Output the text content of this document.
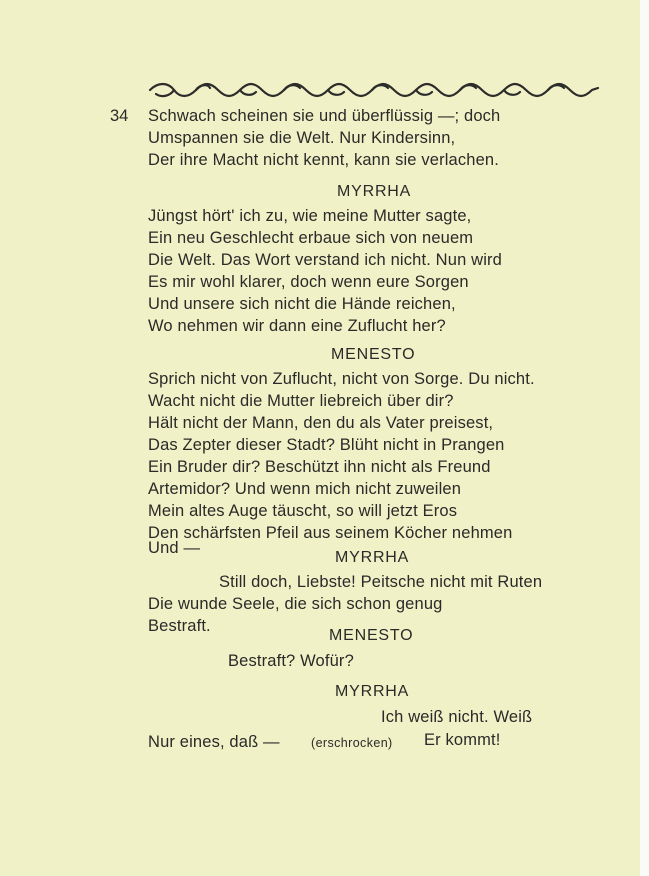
34 Schwach scheinen sie und überflüssig —; doch
Umspannen sie die Welt. Nur Kindersinn,
Der ihre Macht nicht kennt, kann sie verlachen.
MYRRHA
Jüngst hört' ich zu, wie meine Mutter sagte,
Ein neu Geschlecht erbaue sich von neuem
Die Welt. Das Wort verstand ich nicht. Nun wird
Es mir wohl klarer, doch wenn eure Sorgen
Und unsere sich nicht die Hände reichen,
Wo nehmen wir dann eine Zuflucht her?
MENESTO
Sprich nicht von Zuflucht, nicht von Sorge. Du nicht.
Wacht nicht die Mutter liebreich über dir?
Hält nicht der Mann, den du als Vater preisest,
Das Zepter dieser Stadt? Blüht nicht in Prangen
Ein Bruder dir? Beschützt ihn nicht als Freund
Artemidor? Und wenn mich nicht zuweilen
Mein altes Auge täuscht, so will jetzt Eros
Den schärfsten Pfeil aus seinem Köcher nehmen
Und —
MYRRHA
Still doch, Liebste! Peitsche nicht mit Ruten
Die wunde Seele, die sich schon genug
Bestraft.
MENESTO
Bestraft? Wofür?
MYRRHA
Ich weiß nicht. Weiß
Nur eines, daß —	(erschrocken) Er kommt!
